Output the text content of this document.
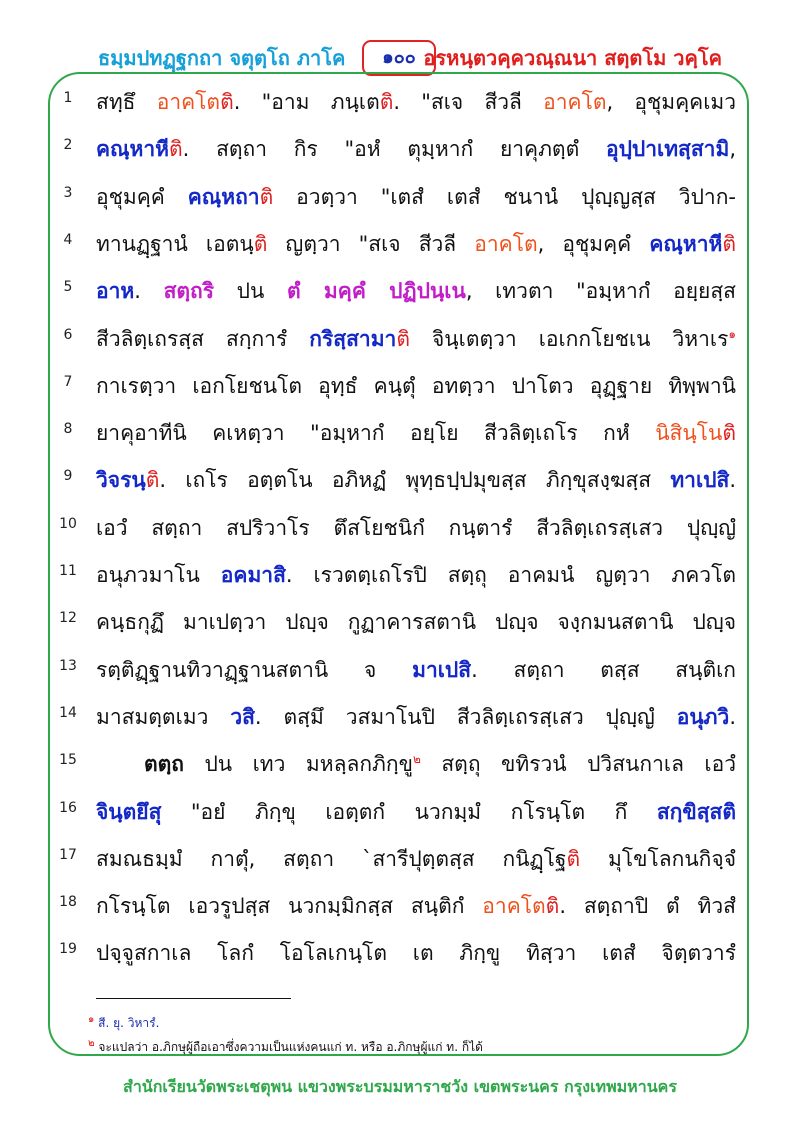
ธมฺมปทฏฺฐกถา จตุตฺโถ ภาโค	๑๐๐ อรหนฺตวคฺควณฺณนา สตฺตโม วคฺโค
1	สทฺธึ อาคโตติ. "อาม ภนฺเตติ. "สเจ สีวลี อาคโต, อุชุมคฺคเมว
2	คณฺหาหีติ. สตฺถา กิร "อหํ ตุมฺหากํ ยาคุภตฺตํ อุปฺปาเทสฺสามิ,
3	อุชุมคฺคํ คณฺหถาติ อวตฺวา "เตสํ เตสํ ชนานํ ปุญฺญสฺส วิปาก-
4	ทานฏฺฐานํ เอตนฺติ ญตฺวา "สเจ สีวลี อาคโต, อุชุมคฺคํ คณฺหาหีติ
5	อาห. สตฺถริ ปน ตํ มคฺคํ ปฏิปนฺเน, เทวตา "อมฺหากํ อยฺยสฺส
6	สีวลิตฺเถรสฺส สกฺการํ กริสฺสามาติ จินฺเตตฺวา เอเกกโยชเน วิหาเร$^๑$
7	กาเรตฺวา เอกโยชนโต อุทฺธํ คนฺตุํ อทตฺวา ปาโตว อุฏฺฐาย ทิพฺพานิ
8	ยาคุอาทีนิ คเหตฺวา "อมฺหากํ อยฺโย สีวลิตฺเถโร กหํ นิสินฺโนติ
9	วิจรนฺติ. เถโร อตฺตโน อภิหฏํ พุทฺธปฺปมุขสฺส ภิกฺขุสงฺฆสฺส ทาเปสิ.
10 เอวํ สตฺถา สปริวาโร ตึสโยชนิกํ กนฺตารํ สีวลิตฺเถรสฺเสว ปุญฺญํ
11 อนุภวมาโน อคมาสิ. เรวตตฺเถโรปิ สตฺถุ อาคมนํ ญตฺวา ภควโต
12 คนฺธกุฏึ มาเปตฺวา ปญฺจ กูฏาคารสตานิ ปญฺจ จงฺกมนสตานิ ปญฺจ
13 รตฺติฏฺฐานทิวาฏฺฐานสตานิ จ มาเปสิ. สตฺถา ตสฺส สนฺติเก
14 มาสมตฺตเมว วสิ. ตสฺมึ วสมาโนปิ สีวลิตฺเถรสฺเสว ปุญฺญํ อนุภวิ.
15	ตตฺถ ปน เทว มหลฺลกภิกฺขู$^๒$ สตฺถุ ขทิรวนํ ปวิสนกาเล เอวํ
16 จินฺตยึสุ "อยํ ภิกฺขุ เอตฺตกํ นวกมฺมํ กโรนฺโต กึ สกฺขิสฺสติ
17 สมณธมฺมํ กาตุํ, สตฺถา `สารีปุตฺตสฺส กนิฏฺโฐติ มุโขโลกนกิจฺจํ
18 กโรนฺโต เอวรูปสฺส นวกมฺมิกสฺส สนฺติกํ อาคโตติ. สตฺถาปิ ตํ ทิวสํ
19 ปจฺจูสกาเล โลกํ โอโลเกนฺโต เต ภิกฺขู ทิสฺวา เตสํ จิตฺตวารํ
$^๑$ สี. ยุ. วิหารํ.
$^๒$ จะแปลว่า อ.ภิกษุผู้ถือเอาซึ่งความเป็นแห่งคนแก่ ท. หรือ อ.ภิกษุผู้แก่ ท. ก็ได้
สำนักเรียนวัดพระเชตุพน แขวงพระบรมมหาราชวัง เขตพระนคร กรุงเทพมหานคร
